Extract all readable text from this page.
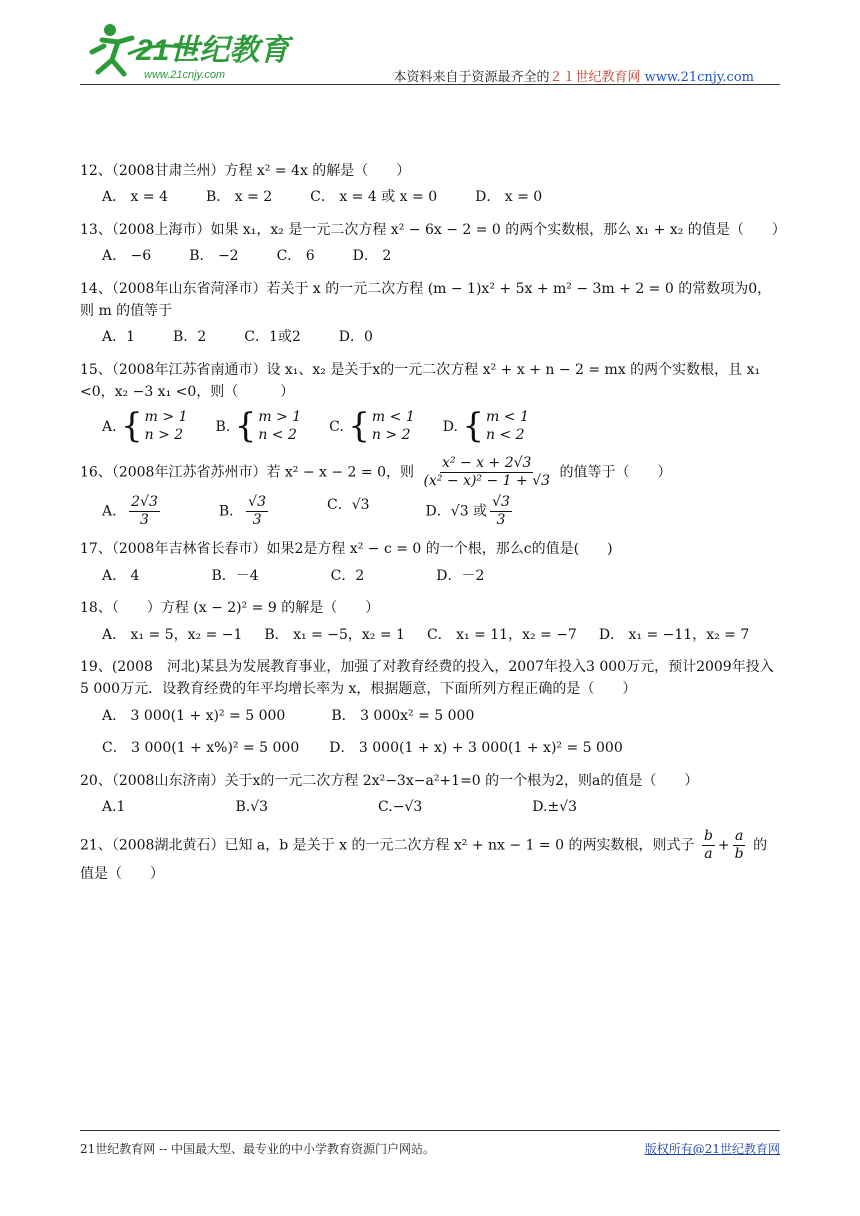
21世纪教育
www.21cnjy.com	本资料来自于资源最齐全的２１世纪教育网 www.21cnjy.com
12、（2008甘肃兰州）方程 x² = 4x 的解是（　　）
A． x = 4	B． x = 2	C． x = 4 或 x = 0	D． x = 0
13、（2008上海市）如果 x₁，x₂ 是一元二次方程 x² − 6x − 2 = 0 的两个实数根，那么 x₁ + x₂ 的值是（　　）
A． −6	B． −2	C． 6	D． 2
14、（2008年山东省菏泽市）若关于 x 的一元二次方程 (m − 1)x² + 5x + m² − 3m + 2 = 0 的常数项为0，则 m 的值等于
A．1	B．2	C．1或2	D．0
15、（2008年江苏省南通市）设 x₁、x₂ 是关于x的一元二次方程 x² + x + n − 2 = mx 的两个实数根，且 x₁ <0，x₂ −3 x₁ <0，则（　　　）
A. { m > 1
n > 2
B. { m > 1
n < 2
C. { m < 1
n > 2
D. { m < 1
n < 2
16、（2008年江苏省苏州市）若 x² − x − 2 = 0，则 $\frac{\text{x² − x + 2√3}}{\text{(x² − x)² − 1 + √3}}$ 的值等于（　　）
A． $\frac{2√3}{3}$	B． $\frac{√3}{3}$	C．√3	D．√3 或 $\frac{√3}{3}$
17、（2008年吉林省长春市）如果2是方程 x² − c = 0 的一个根，那么c的值是(　　)
A． 4	B．－4	C．2	D．－2
18、（　　）方程 (x − 2)² = 9 的解是（　　）
A． x₁ = 5，x₂ = −1 B． x₁ = −5，x₂ = 1 C． x₁ = 11，x₂ = −7 D． x₁ = −11，x₂ = 7
19、(2008　河北)某县为发展教育事业，加强了对教育经费的投入，2007年投入3 000万元，预计2009年投入5 000万元．设教育经费的年平均增长率为 x，根据题意，下面所列方程正确的是（　　）
A． 3 000(1 + x)² = 5 000	B． 3 000x² = 5 000
C． 3 000(1 + x%)² = 5 000 D． 3 000(1 + x) + 3 000(1 + x)² = 5 000
20、（2008山东济南）关于x的一元二次方程 2x²−3x−a²+1=0 的一个根为2，则a的值是（　　）
A.1	B.√3	C.−√3	D.±√3
21、（2008湖北黄石）已知 a，b 是关于 x 的一元二次方程 x² + nx − 1 = 0 的两实数根，则式子 $\frac{b}{a} + \frac{a}{b}$ 的值是（　　）
21世纪教育网 -- 中国最大型、最专业的中小学教育资源门户网站。	版权所有@21世纪教育网
